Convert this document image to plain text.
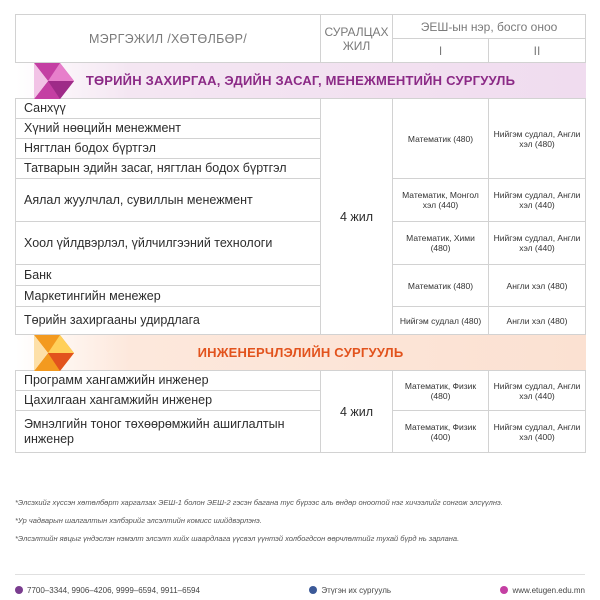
МЭРГЭЖИЛ /ХӨТӨЛБӨР/	СУРАЛЦАХ ЖИЛ	ЭЕШ-ын нэр, босго оноо	
		I	II

ТӨРИЙН ЗАХИРГАА, ЭДИЙН ЗАСАГ, МЕНЕЖМЕНТИЙН СУРГУУЛЬ			

Санхүү	4 жил	Математик (480)	Нийгэм судлал, Англи хэл (480)
Хүний нөөцийн менежмент			
Нягтлан бодох бүртгэл			
Татварын эдийн засаг, нягтлан бодох бүртгэл			
Аялал жуулчлал, сувиллын менежмент		Математик, Монгол хэл (440)	Нийгэм судлал, Англи хэл (440)
Хоол үйлдвэрлэл, үйлчилгээний технологи		Математик, Хими (480)	Нийгэм судлал, Англи хэл (440)
Банк		Математик (480)	Англи хэл (480)
Маркетингийн менежер			
Төрийн захиргааны удирдлага		Нийгэм судлал (480)	Англи хэл (480)

ИНЖЕНЕРЧЛЭЛИЙН СУРГУУЛЬ			

Программ хангамжийн инженер	4 жил	Математик, Физик (480)	Нийгэм судлал, Англи хэл (440)
Цахилгаан хангамжийн инженер			
Эмнэлгийн тоног төхөөрөмжийн ашиглалтын инженер		Математик, Физик (400)	Нийгэм судлал, Англи хэл (400)

*Элсэхийг хүссэн хөтөлбөрт харгалзах ЭЕШ-1 болон ЭЕШ-2 гэсэн багана тус бүрээс аль өндөр оноотой нэг хичээлийг сонгож элсүүлнэ.

*Ур чадварын шалгалтын хэлбэрийг элсэлтийн комисс шийдвэрлэнэ.

*Элсэлтийн явцыг үндэслэн нэмэлт элсэлт хийх шаардлага үүсвэл үүнтэй холбогдсон өөрчлөлтийг тухай бүрд нь зарлана.

7700–3344, 9906–4206, 9999–6594, 9911–6594	Этүгэн их сургууль	www.etugen.edu.mn
